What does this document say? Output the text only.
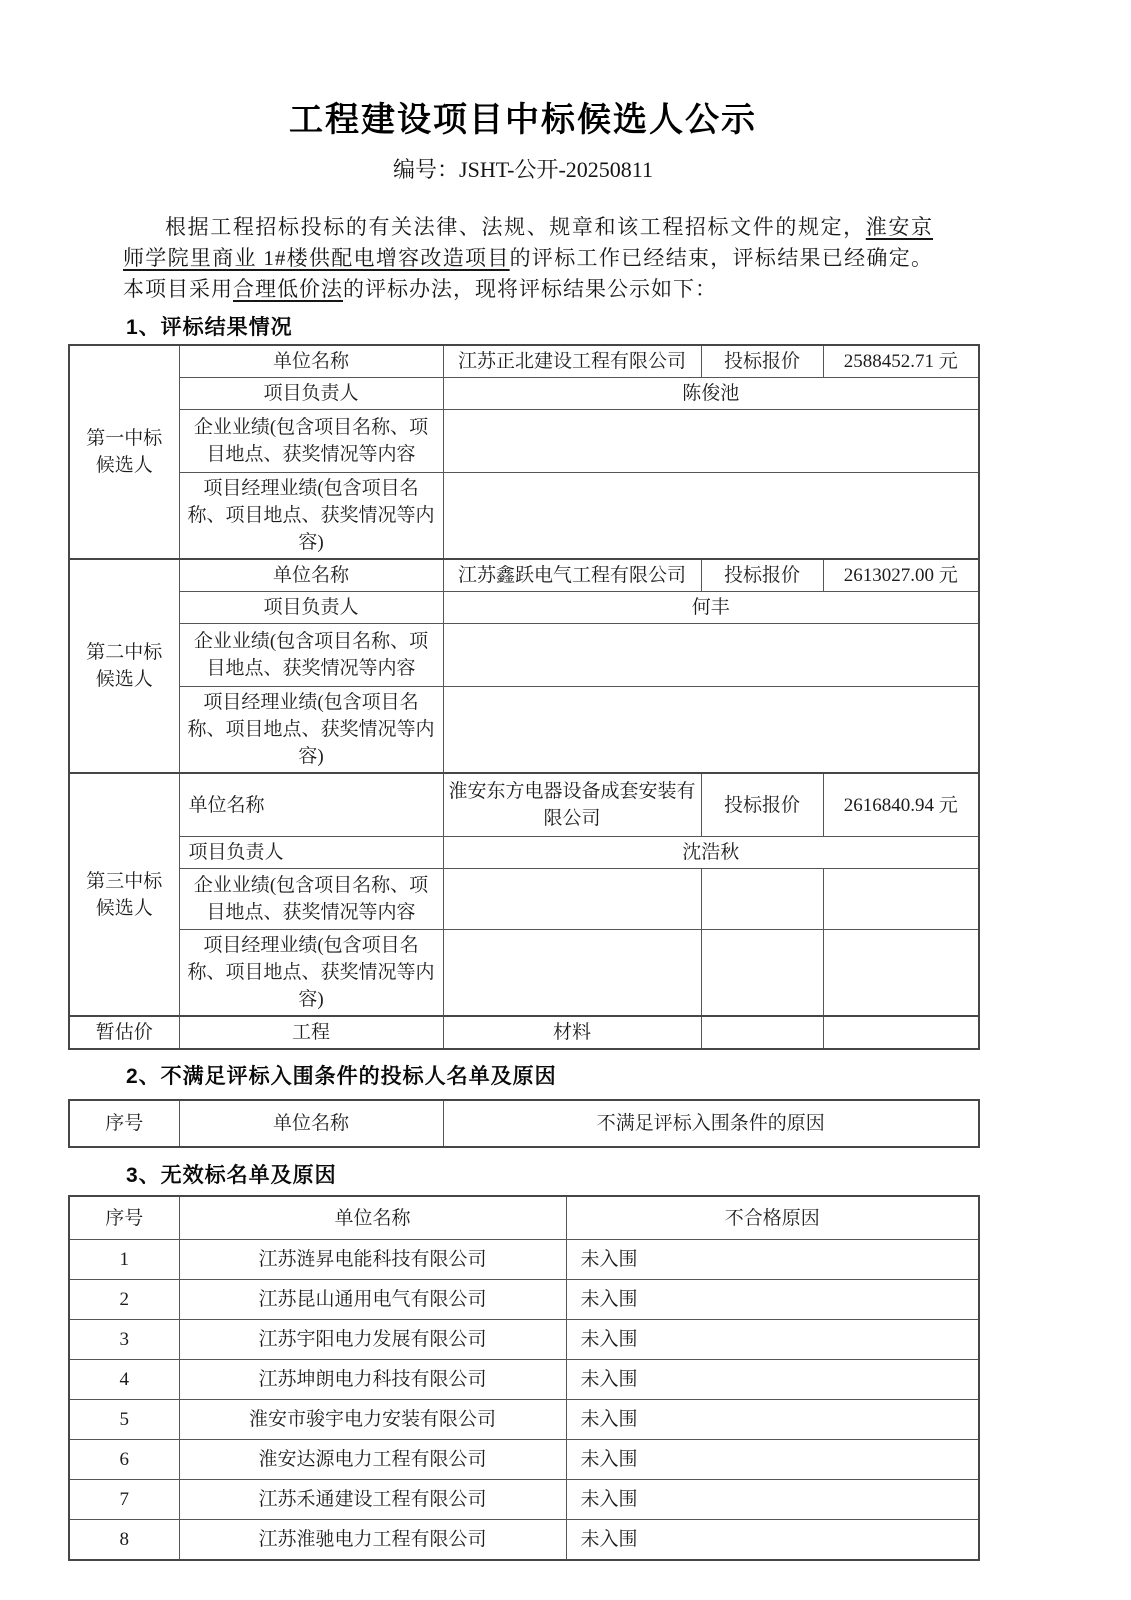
工程建设项目中标候选人公示
编号：JSHT-公开-20250811

根据工程招标投标的有关法律、法规、规章和该工程招标文件的规定，淮安京师学院里商业 1#楼供配电增容改造项目的评标工作已经结束，评标结果已经确定。本项目采用合理低价法的评标办法，现将评标结果公示如下：

1、评标结果情况
第一中标候选人	单位名称	江苏正北建设工程有限公司	投标报价	2588452.71 元
	项目负责人	陈俊池		
	企业业绩(包含项目名称、项目地点、获奖情况等内容			
	项目经理业绩(包含项目名称、项目地点、获奖情况等内容)			
第二中标候选人	单位名称	江苏鑫跃电气工程有限公司	投标报价	2613027.00 元
	项目负责人	何丰		
	企业业绩(包含项目名称、项目地点、获奖情况等内容			
	项目经理业绩(包含项目名称、项目地点、获奖情况等内容)			
第三中标候选人	单位名称	淮安东方电器设备成套安装有限公司	投标报价	2616840.94 元
	项目负责人	沈浩秋		
	企业业绩(包含项目名称、项目地点、获奖情况等内容			
	项目经理业绩(包含项目名称、项目地点、获奖情况等内容)			
暂估价	工程	材料		
2、不满足评标入围条件的投标人名单及原因
序号	单位名称	不满足评标入围条件的原因
3、无效标名单及原因
序号	单位名称	不合格原因
1	江苏涟昇电能科技有限公司	未入围
2	江苏昆山通用电气有限公司	未入围
3	江苏宇阳电力发展有限公司	未入围
4	江苏坤朗电力科技有限公司	未入围
5	淮安市骏宇电力安装有限公司	未入围
6	淮安达源电力工程有限公司	未入围
7	江苏禾通建设工程有限公司	未入围
8	江苏淮驰电力工程有限公司	未入围
